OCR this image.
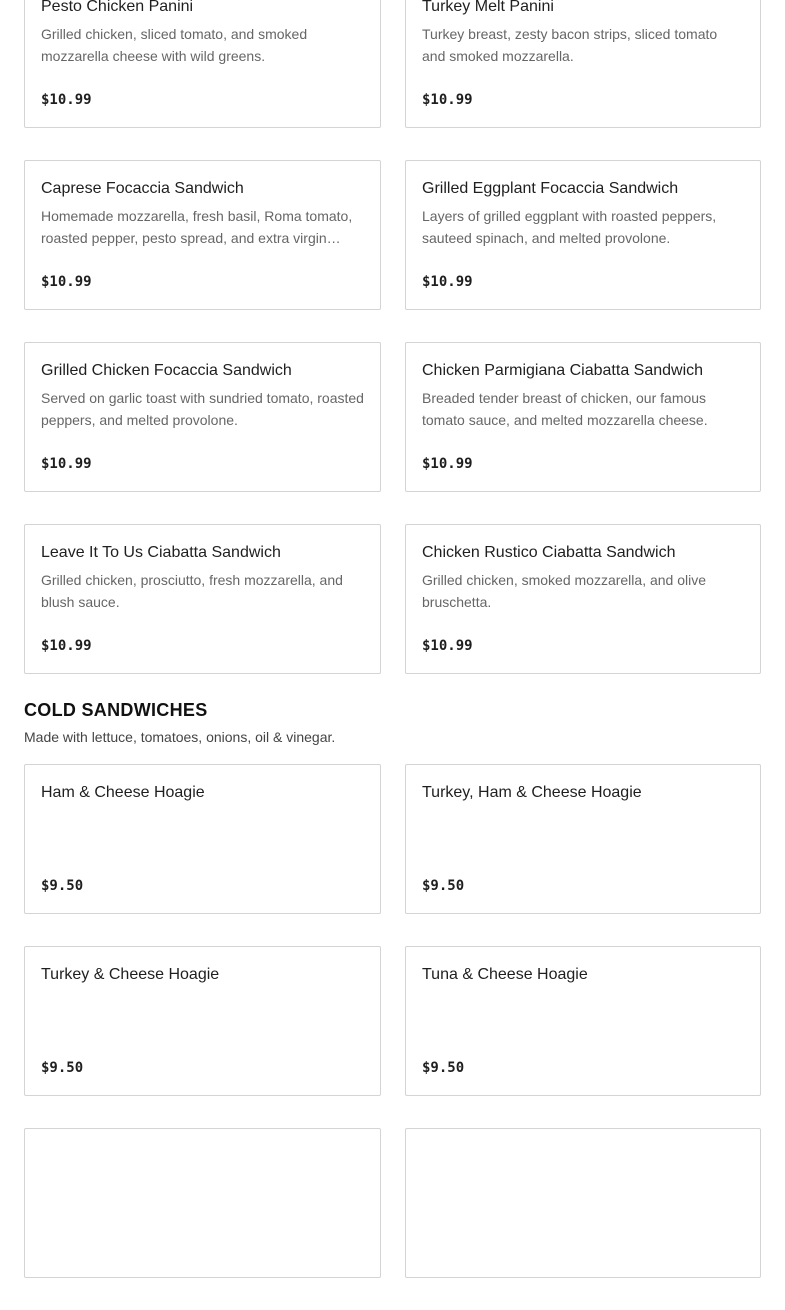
Pesto Chicken Panini
Grilled chicken, sliced tomato, and smoked mozzarella cheese with wild greens.
$10.99
Turkey Melt Panini
Turkey breast, zesty bacon strips, sliced tomato and smoked mozzarella.
$10.99
Caprese Focaccia Sandwich
Homemade mozzarella, fresh basil, Roma tomato, roasted pepper, pesto spread, and extra virgin…
$10.99
Grilled Eggplant Focaccia Sandwich
Layers of grilled eggplant with roasted peppers, sauteed spinach, and melted provolone.
$10.99
Grilled Chicken Focaccia Sandwich
Served on garlic toast with sundried tomato, roasted peppers, and melted provolone.
$10.99
Chicken Parmigiana Ciabatta Sandwich
Breaded tender breast of chicken, our famous tomato sauce, and melted mozzarella cheese.
$10.99
Leave It To Us Ciabatta Sandwich
Grilled chicken, prosciutto, fresh mozzarella, and blush sauce.
$10.99
Chicken Rustico Ciabatta Sandwich
Grilled chicken, smoked mozzarella, and olive bruschetta.
$10.99
COLD SANDWICHES

Made with lettuce, tomatoes, onions, oil & vinegar.

Ham & Cheese Hoagie
$9.50
Turkey, Ham & Cheese Hoagie
$9.50
Turkey & Cheese Hoagie
$9.50
Tuna & Cheese Hoagie
$9.50
